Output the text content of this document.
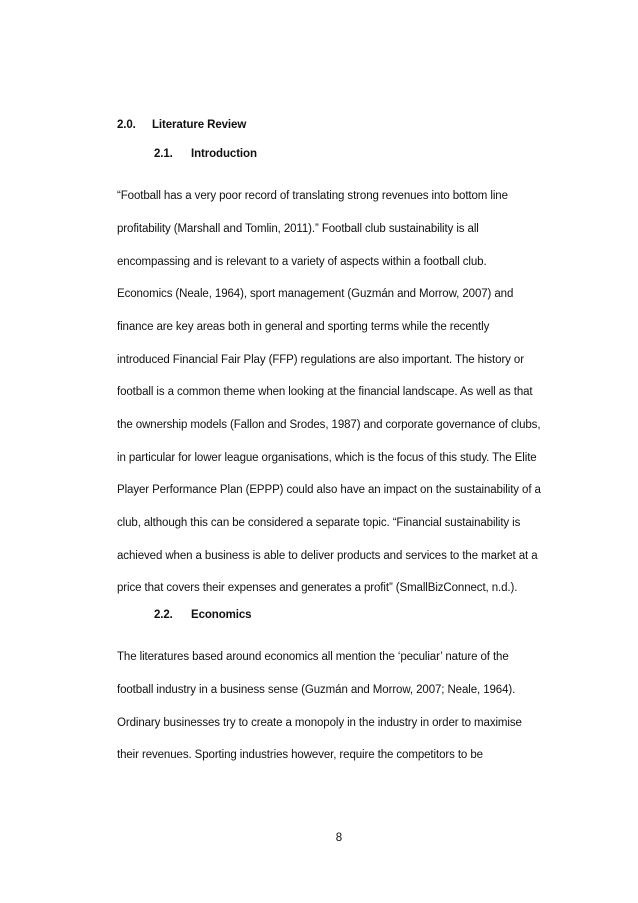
2.0. Literature Review
2.1. Introduction
“Football has a very poor record of translating strong revenues into bottom line
profitability (Marshall and Tomlin, 2011).” Football club sustainability is all
encompassing and is relevant to a variety of aspects within a football club.
Economics (Neale, 1964), sport management (Guzmán and Morrow, 2007) and
finance are key areas both in general and sporting terms while the recently
introduced Financial Fair Play (FFP) regulations are also important. The history or
football is a common theme when looking at the financial landscape. As well as that
the ownership models (Fallon and Srodes, 1987) and corporate governance of clubs,
in particular for lower league organisations, which is the focus of this study. The Elite
Player Performance Plan (EPPP) could also have an impact on the sustainability of a
club, although this can be considered a separate topic. “Financial sustainability is
achieved when a business is able to deliver products and services to the market at a
price that covers their expenses and generates a profit” (SmallBizConnect, n.d.).
2.2. Economics
The literatures based around economics all mention the ‘peculiar’ nature of the
football industry in a business sense (Guzmán and Morrow, 2007; Neale, 1964).
Ordinary businesses try to create a monopoly in the industry in order to maximise
their revenues. Sporting industries however, require the competitors to be
8
